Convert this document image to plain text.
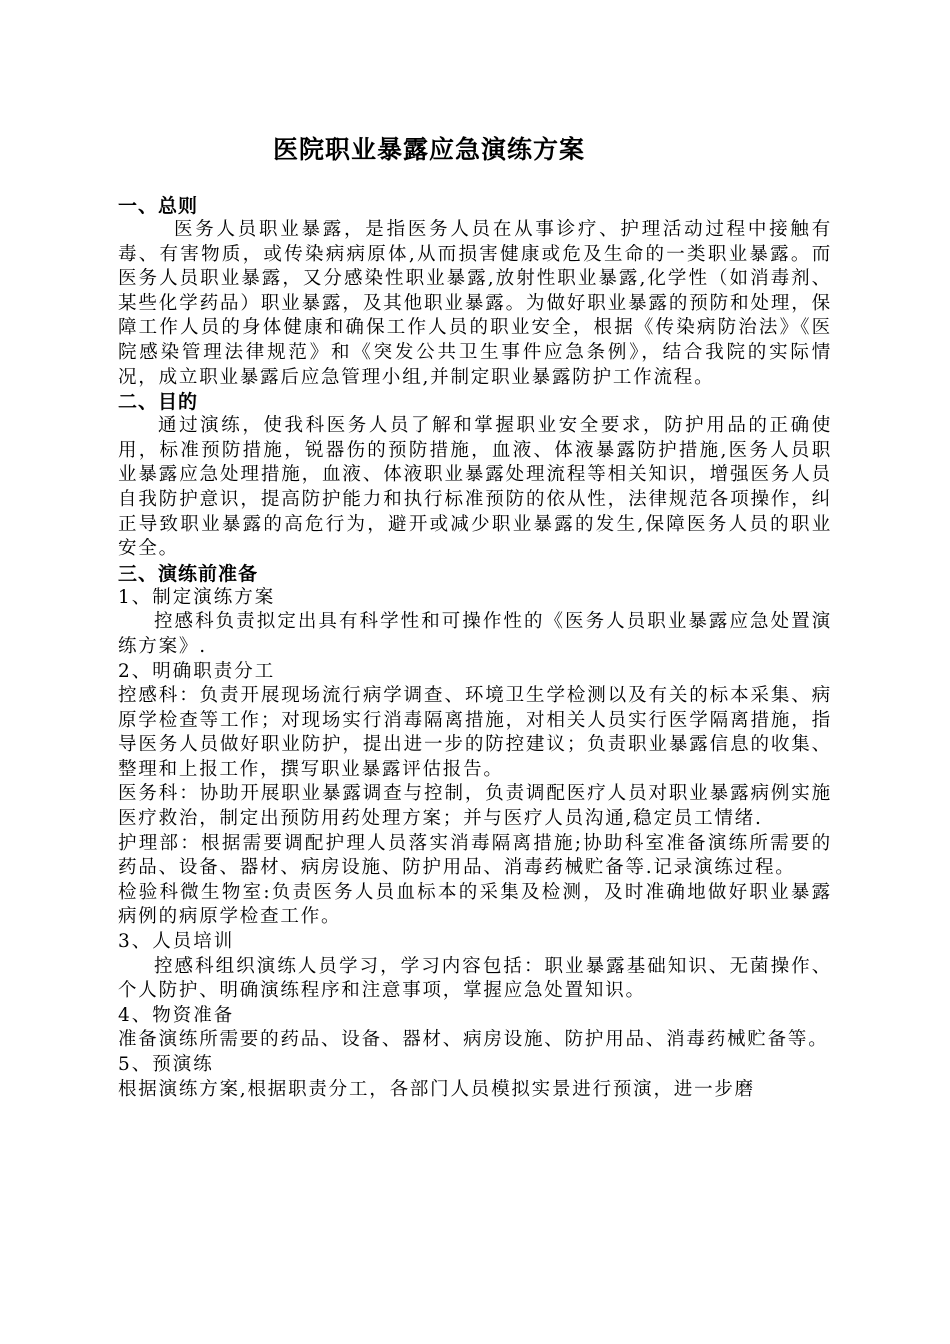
医院职业暴露应急演练方案
一、总则
医务人员职业暴露，是指医务人员在从事诊疗、护理活动过程中接触有毒、有害物质，或传染病病原体,从而损害健康或危及生命的一类职业暴露。而医务人员职业暴露，又分感染性职业暴露,放射性职业暴露,化学性（如消毒剂、某些化学药品）职业暴露，及其他职业暴露。为做好职业暴露的预防和处理，保障工作人员的身体健康和确保工作人员的职业安全，根据《传染病防治法》《医院感染管理法律规范》和《突发公共卫生事件应急条例》，结合我院的实际情况，成立职业暴露后应急管理小组,并制定职业暴露防护工作流程。
二、目的
通过演练，使我科医务人员了解和掌握职业安全要求，防护用品的正确使用，标准预防措施，锐器伤的预防措施，血液、体液暴露防护措施,医务人员职业暴露应急处理措施，血液、体液职业暴露处理流程等相关知识，增强医务人员自我防护意识，提高防护能力和执行标准预防的依从性，法律规范各项操作，纠正导致职业暴露的高危行为，避开或减少职业暴露的发生,保障医务人员的职业安全。
三、演练前准备
1、制定演练方案
控感科负责拟定出具有科学性和可操作性的《医务人员职业暴露应急处置演练方案》.
2、明确职责分工
控感科：负责开展现场流行病学调查、环境卫生学检测以及有关的标本采集、病原学检查等工作；对现场实行消毒隔离措施，对相关人员实行医学隔离措施，指导医务人员做好职业防护，提出进一步的防控建议；负责职业暴露信息的收集、整理和上报工作，撰写职业暴露评估报告。
医务科：协助开展职业暴露调查与控制，负责调配医疗人员对职业暴露病例实施医疗救治，制定出预防用药处理方案；并与医疗人员沟通,稳定员工情绪.
护理部：根据需要调配护理人员落实消毒隔离措施;协助科室准备演练所需要的药品、设备、器材、病房设施、防护用品、消毒药械贮备等.记录演练过程。
检验科微生物室:负责医务人员血标本的采集及检测，及时准确地做好职业暴露病例的病原学检查工作。
3、人员培训
控感科组织演练人员学习，学习内容包括：职业暴露基础知识、无菌操作、个人防护、明确演练程序和注意事项，掌握应急处置知识。
4、物资准备
准备演练所需要的药品、设备、器材、病房设施、防护用品、消毒药械贮备等。
5、预演练
根据演练方案,根据职责分工，各部门人员模拟实景进行预演，进一步磨
